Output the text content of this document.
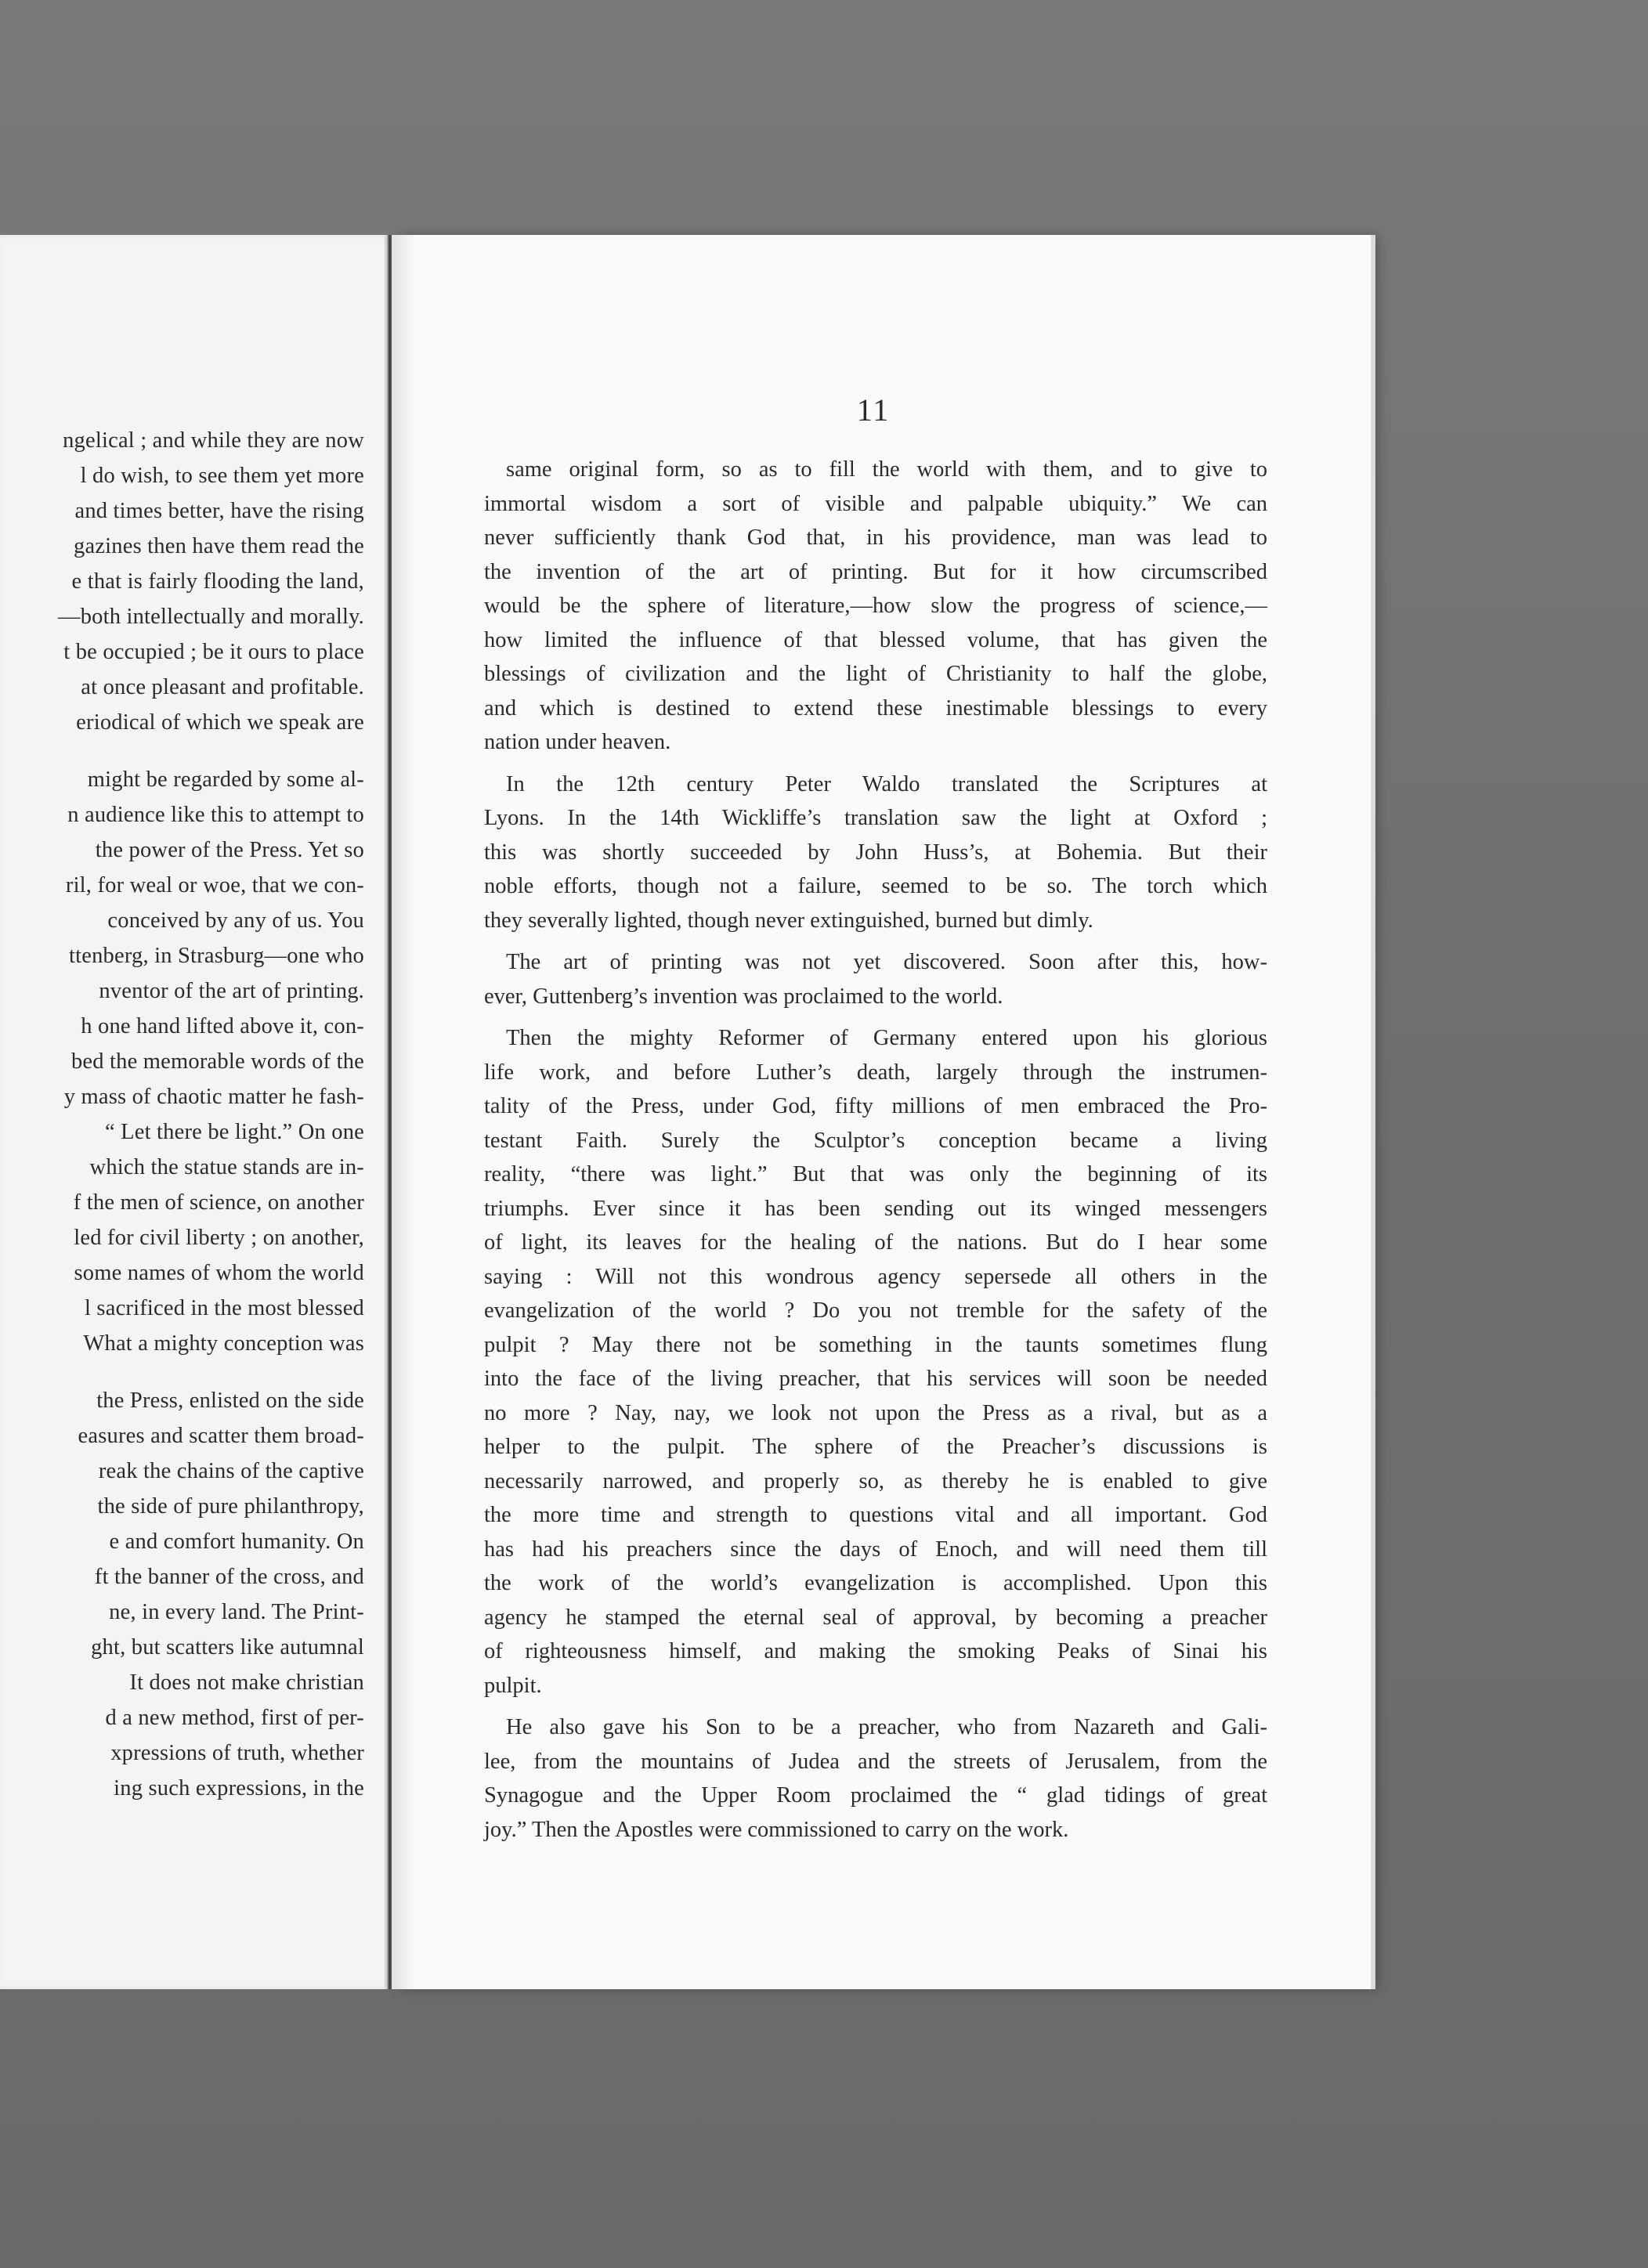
ngelical ; and while they are now
l do wish, to see them yet more
and times better, have the rising
gazines then have them read the
e that is fairly flooding the land,
—both intellectually and morally.
t be occupied ; be it ours to place
at once pleasant and profitable.
eriodical of which we speak are
might be regarded by some al-
n audience like this to attempt to
the power of the Press. Yet so
ril, for weal or woe, that we con-
conceived by any of us. You
ttenberg, in Strasburg—one who
nventor of the art of printing.
h one hand lifted above it, con-
bed the memorable words of the
y mass of chaotic matter he fash-
“ Let there be light.” On one
which the statue stands are in-
f the men of science, on another
led for civil liberty ; on another,
some names of whom the world
l sacrificed in the most blessed
What a mighty conception was
the Press, enlisted on the side
easures and scatter them broad-
reak the chains of the captive
the side of pure philanthropy,
e and comfort humanity. On
ft the banner of the cross, and
ne, in every land. The Print-
ght, but scatters like autumnal
It does not make christian
d a new method, first of per-
xpressions of truth, whether
ing such expressions, in the
11
same original form, so as to fill the world with them, and to give to
immortal wisdom a sort of visible and palpable ubiquity.” We can
never sufficiently thank God that, in his providence, man was lead to
the invention of the art of printing. But for it how circumscribed
would be the sphere of literature,—how slow the progress of science,—
how limited the influence of that blessed volume, that has given the
blessings of civilization and the light of Christianity to half the globe,
and which is destined to extend these inestimable blessings to every
nation under heaven.
In the 12th century Peter Waldo translated the Scriptures at
Lyons. In the 14th Wickliffe’s translation saw the light at Oxford ;
this was shortly succeeded by John Huss’s, at Bohemia. But their
noble efforts, though not a failure, seemed to be so. The torch which
they severally lighted, though never extinguished, burned but dimly.
The art of printing was not yet discovered. Soon after this, how-
ever, Guttenberg’s invention was proclaimed to the world.
Then the mighty Reformer of Germany entered upon his glorious
life work, and before Luther’s death, largely through the instrumen-
tality of the Press, under God, fifty millions of men embraced the Pro-
testant Faith. Surely the Sculptor’s conception became a living
reality, “there was light.” But that was only the beginning of its
triumphs. Ever since it has been sending out its winged messengers
of light, its leaves for the healing of the nations. But do I hear some
saying : Will not this wondrous agency sepersede all others in the
evangelization of the world ? Do you not tremble for the safety of the
pulpit ? May there not be something in the taunts sometimes flung
into the face of the living preacher, that his services will soon be needed
no more ? Nay, nay, we look not upon the Press as a rival, but as a
helper to the pulpit. The sphere of the Preacher’s discussions is
necessarily narrowed, and properly so, as thereby he is enabled to give
the more time and strength to questions vital and all important. God
has had his preachers since the days of Enoch, and will need them till
the work of the world’s evangelization is accomplished. Upon this
agency he stamped the eternal seal of approval, by becoming a preacher
of righteousness himself, and making the smoking Peaks of Sinai his
pulpit.
He also gave his Son to be a preacher, who from Nazareth and Gali-
lee, from the mountains of Judea and the streets of Jerusalem, from the
Synagogue and the Upper Room proclaimed the “ glad tidings of great
joy.” Then the Apostles were commissioned to carry on the work.
